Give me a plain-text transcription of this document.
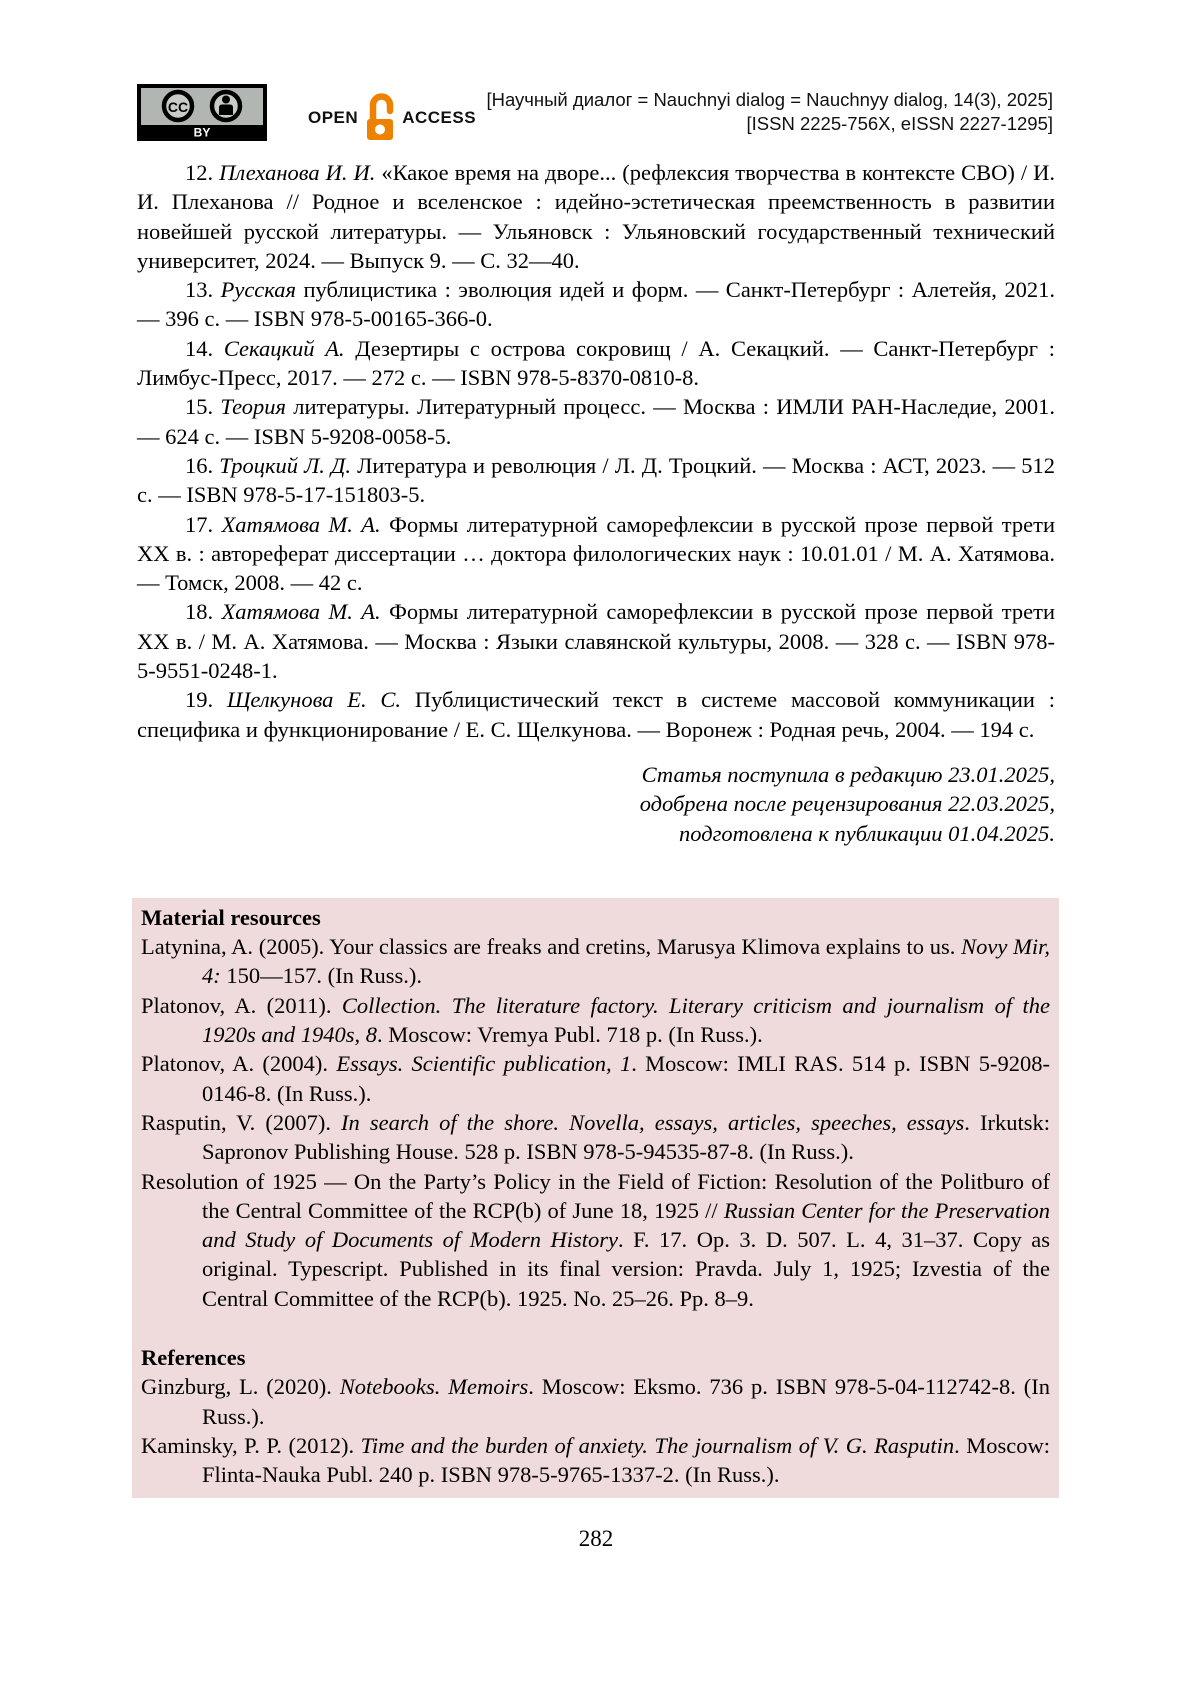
CC
BY
OPEN	ACCESS
[Научный диалог = Nauchnyi dialog = Nauchnyy dialog, 14(3), 2025]
[ISSN 2225-756X, eISSN 2227-1295]

12. Плеханова И. И. «Какое время на дворе... (рефлексия творчества в контексте СВО) / И. И. Плеханова // Родное и вселенское : идейно-эстетическая преемственность в развитии новейшей русской литературы. — Ульяновск : Ульяновский государственный технический университет, 2024. — Выпуск 9. — С. 32—40.

13. Русская публицистика : эволюция идей и форм. — Санкт-Петербург : Алетейя, 2021. — 396 с. — ISBN 978-5-00165-366-0.

14. Секацкий А. Дезертиры с острова сокровищ / А. Секацкий. — Санкт-Петербург : Лимбус-Пресс, 2017. — 272 с. — ISBN 978-5-8370-0810-8.

15. Теория литературы. Литературный процесс. — Москва : ИМЛИ РАН-Наследие, 2001. — 624 с. — ISBN 5-9208-0058-5.

16. Троцкий Л. Д. Литература и революция / Л. Д. Троцкий. — Москва : АСТ, 2023. — 512 с. — ISBN 978-5-17-151803-5.

17. Хатямова М. А. Формы литературной саморефлексии в русской прозе первой трети XX в. : автореферат диссертации … доктора филологических наук : 10.01.01 / М. А. Хатямова. — Томск, 2008. — 42 с.

18. Хатямова М. А. Формы литературной саморефлексии в русской прозе первой трети XX в. / М. А. Хатямова. — Москва : Языки славянской культуры, 2008. — 328 с. — ISBN 978-5-9551-0248-1.

19. Щелкунова Е. С. Публицистический текст в системе массовой коммуникации : специфика и функционирование / Е. С. Щелкунова. — Воронеж : Родная речь, 2004. — 194 с.

Статья поступила в редакцию 23.01.2025,
одобрена после рецензирования 22.03.2025,
подготовлена к публикации 01.04.2025.

Material resources

Latynina, A. (2005). Your classics are freaks and cretins, Marusya Klimova explains to us. Novy Mir, 4: 150—157. (In Russ.).

Platonov, A. (2011). Collection. The literature factory. Literary criticism and journalism of the 1920s and 1940s, 8. Moscow: Vremya Publ. 718 p. (In Russ.).

Platonov, A. (2004). Essays. Scientific publication, 1. Moscow: IMLI RAS. 514 p. ISBN 5-9208-0146-8. (In Russ.).

Rasputin, V. (2007). In search of the shore. Novella, essays, articles, speeches, essays. Irkutsk: Sapronov Publishing House. 528 p. ISBN 978-5-94535-87-8. (In Russ.).

Resolution of 1925 — On the Party’s Policy in the Field of Fiction: Resolution of the Politburo of the Central Committee of the RCP(b) of June 18, 1925 // Russian Center for the Preservation and Study of Documents of Modern History. F. 17. Op. 3. D. 507. L. 4, 31–37. Copy as original. Typescript. Published in its final version: Pravda. July 1, 1925; Izvestia of the Central Committee of the RCP(b). 1925. No. 25–26. Pp. 8–9.

References

Ginzburg, L. (2020). Notebooks. Memoirs. Moscow: Eksmo. 736 p. ISBN 978-5-04-112742-8. (In Russ.).

Kaminsky, P. P. (2012). Time and the burden of anxiety. The journalism of V. G. Rasputin. Moscow: Flinta-Nauka Publ. 240 p. ISBN 978-5-9765-1337-2. (In Russ.).

282
